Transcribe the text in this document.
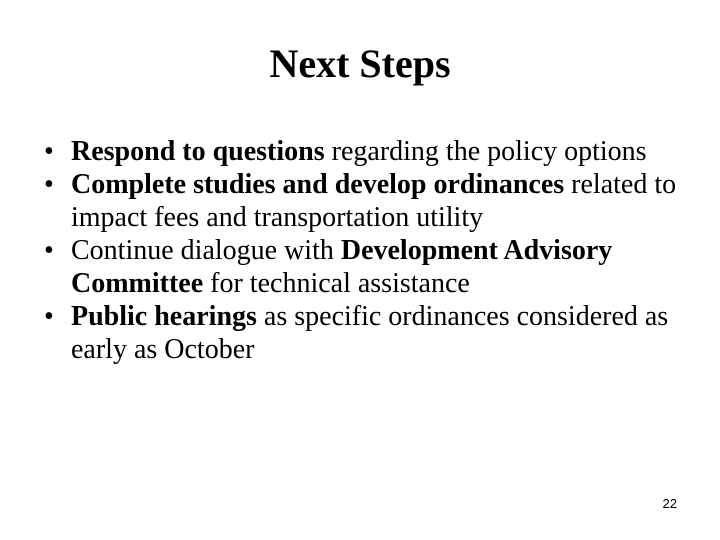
Next Steps
• Respond to questions regarding the policy options
• Complete studies and develop ordinances related to impact fees and transportation utility
• Continue dialogue with Development Advisory Committee for technical assistance
• Public hearings as specific ordinances considered as early as October
22
